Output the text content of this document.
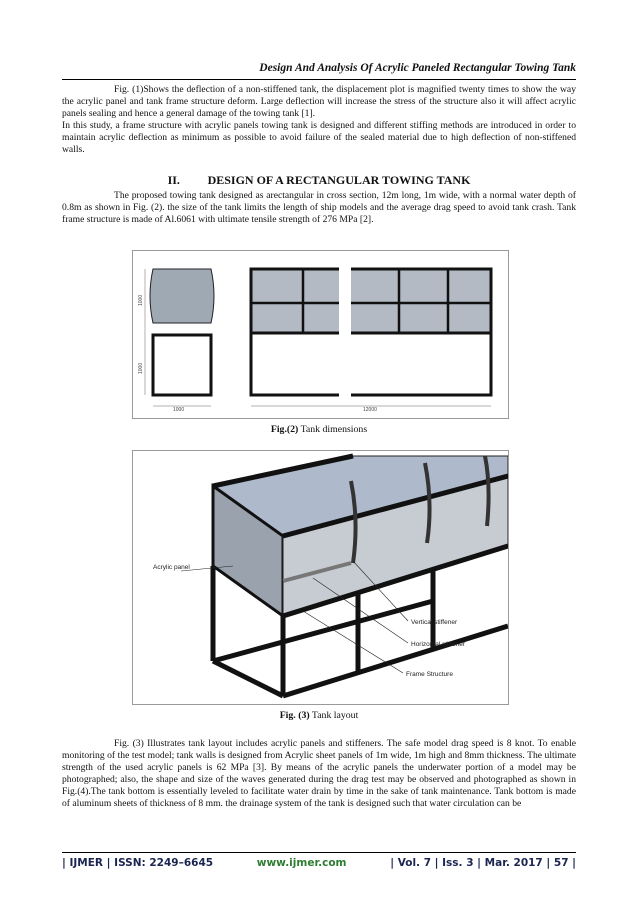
Design And Analysis Of Acrylic Paneled Rectangular Towing Tank

Fig. (1)Shows the deflection of a non-stiffened tank, the displacement plot is magnified twenty times to show the way the acrylic panel and tank frame structure deform. Large deflection will increase the stress of the structure also it will affect acrylic panels sealing and hence a general damage of the towing tank [1].

In this study, a frame structure with acrylic panels towing tank is designed and different stiffing methods are introduced in order to maintain acrylic deflection as minimum as possible to avoid failure of the sealed material due to high deflection of non-stiffened walls.

II. DESIGN OF A RECTANGULAR TOWING TANK

The proposed towing tank designed as arectangular in cross section, 12m long, 1m wide, with a normal water depth of 0.8m as shown in Fig. (2). the size of the tank limits the length of ship models and the average drag speed to avoid tank crash. Tank frame structure is made of Al.6061 with ultimate tensile strength of 276 MPa [2].

1000
1000
1000	12000
Fig.(2) Tank dimensions
Acrylic panel
Vertical stiffener
Horizontal stiffener
Frame Structure
Fig. (3) Tank layout

Fig. (3) Illustrates tank layout includes acrylic panels and stiffeners. The safe model drag speed is 8 knot. To enable monitoring of the test model; tank walls is designed from Acrylic sheet panels of 1m wide, 1m high and 8mm thickness. The ultimate strength of the used acrylic panels is 62 MPa [3]. By means of the acrylic panels the underwater portion of a model may be photographed; also, the shape and size of the waves generated during the drag test may be observed and photographed as shown in Fig.(4).The tank bottom is essentially leveled to facilitate water drain by time in the sake of tank maintenance. Tank bottom is made of aluminum sheets of thickness of 8 mm. the drainage system of the tank is designed such that water circulation can be

| IJMER | ISSN: 2249–6645	www.ijmer.com	| Vol. 7 | Iss. 3 | Mar. 2017 | 57 |
